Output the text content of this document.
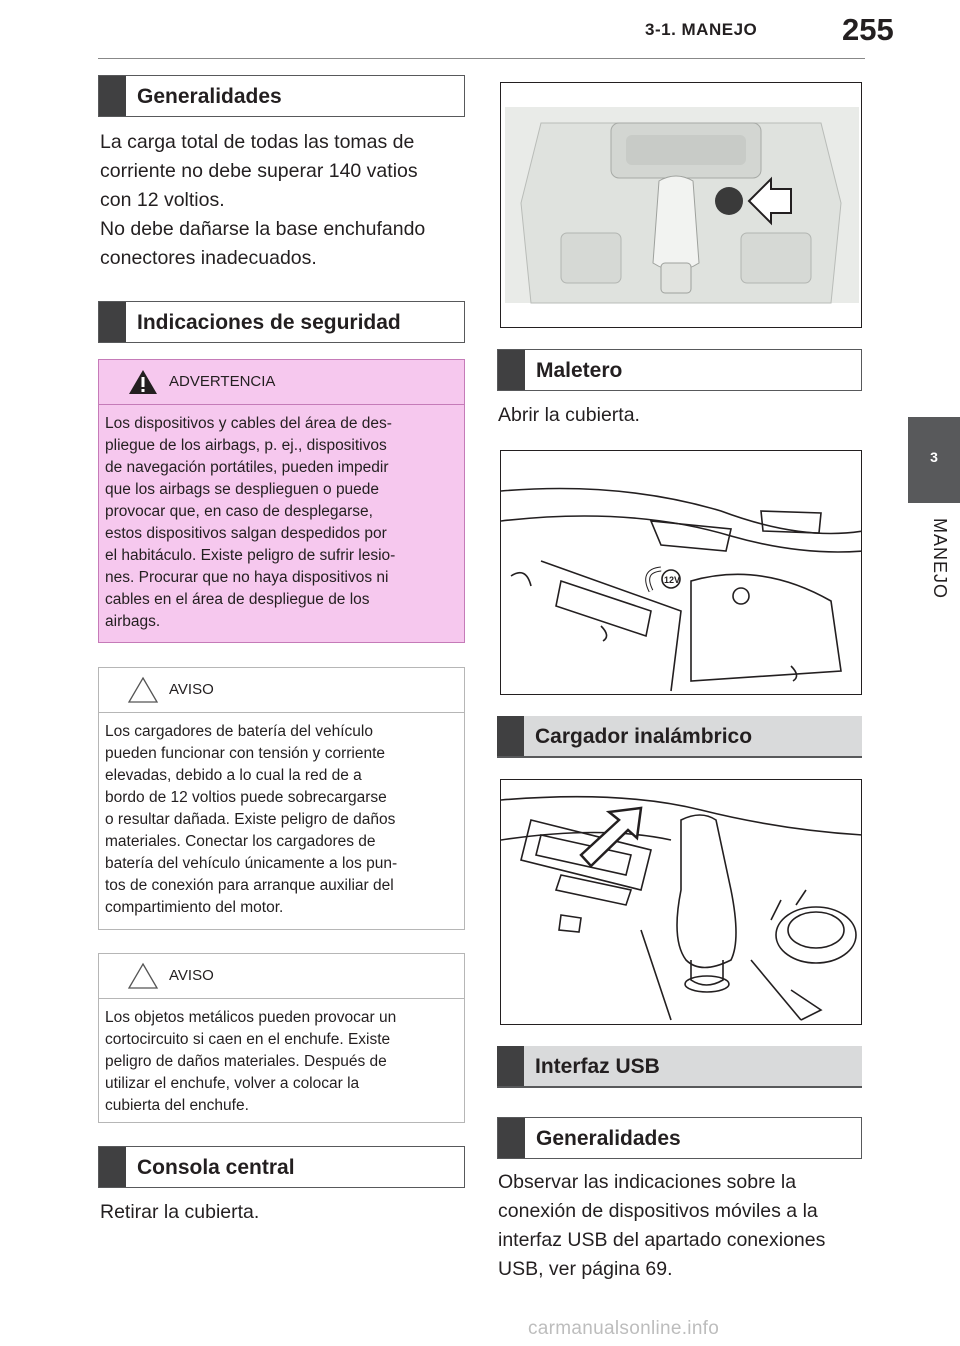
3-1. MANEJO	255
3
MANEJO
Generalidades
La carga total de todas las tomas de
corriente no debe superar 140 vatios
con 12 voltios.
No debe dañarse la base enchufando
conectores inadecuados.
Indicaciones de seguridad
ADVERTENCIA
Los dispositivos y cables del área de des-
pliegue de los airbags, p. ej., dispositivos
de navegación portátiles, pueden impedir
que los airbags se desplieguen o puede
provocar que, en caso de desplegarse,
estos dispositivos salgan despedidos por
el habitáculo. Existe peligro de sufrir lesio-
nes. Procurar que no haya dispositivos ni
cables en el área de despliegue de los
airbags.
AVISO
Los cargadores de batería del vehículo
pueden funcionar con tensión y corriente
elevadas, debido a lo cual la red de a
bordo de 12 voltios puede sobrecargarse
o resultar dañada. Existe peligro de daños
materiales. Conectar los cargadores de
batería del vehículo únicamente a los pun-
tos de conexión para arranque auxiliar del
compartimiento del motor.
AVISO
Los objetos metálicos pueden provocar un
cortocircuito si caen en el enchufe. Existe
peligro de daños materiales. Después de
utilizar el enchufe, volver a colocar la
cubierta del enchufe.
Consola central
Retirar la cubierta.
Maletero
Abrir la cubierta.
12V
Cargador inalámbrico
Interfaz USB
Generalidades
Observar las indicaciones sobre la
conexión de dispositivos móviles a la
interfaz USB del apartado conexiones
USB, ver página 69.
carmanualsonline.info
